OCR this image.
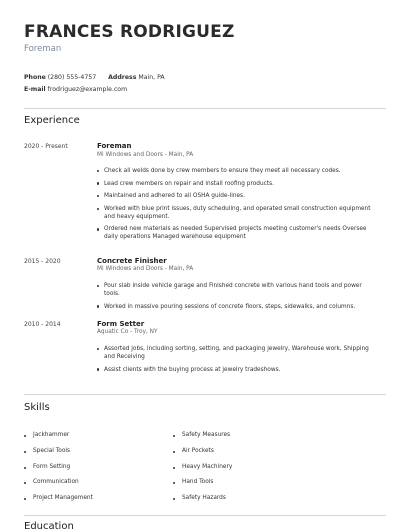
FRANCES RODRIGUEZ
Foreman
Phone (280) 555-4757 Address Main, PA
E-mail frodriguez@example.com
Experience
2020 - Present	Foreman
Mi Windows and Doors - Main, PA
Check all welds done by crew members to ensure they meet all necessary codes.
Lead crew members on repair and install roofing products.
Maintained and adhered to all OSHA guide-lines.
Worked with blue print issues, duty scheduling, and operated small construction equipment and heavy equipment.
Ordered new materials as needed Supervised projects meeting customer's needs Oversee daily operations Managed warehouse equipment
2015 - 2020	Concrete Finisher
Mi Windows and Doors - Main, PA
Pour slab inside vehicle garage and Finished concrete with various hand tools and power tools.
Worked in massive pouring sessions of concrete floors, steps, sidewalks, and columns.
2010 - 2014	Form Setter
Aquatic Co - Troy, NY
Assorted jobs, including sorting, setting, and packaging jewelry, Warehouse work, Shipping and Receiving
Assist clients with the buying process at jewelry tradeshows.
Skills
Jackhammer
Special Tools
Form Setting
Communication
Project Management
Safety Measures
Air Pockets
Heavy Machinery
Hand Tools
Safety Hazards
Education
